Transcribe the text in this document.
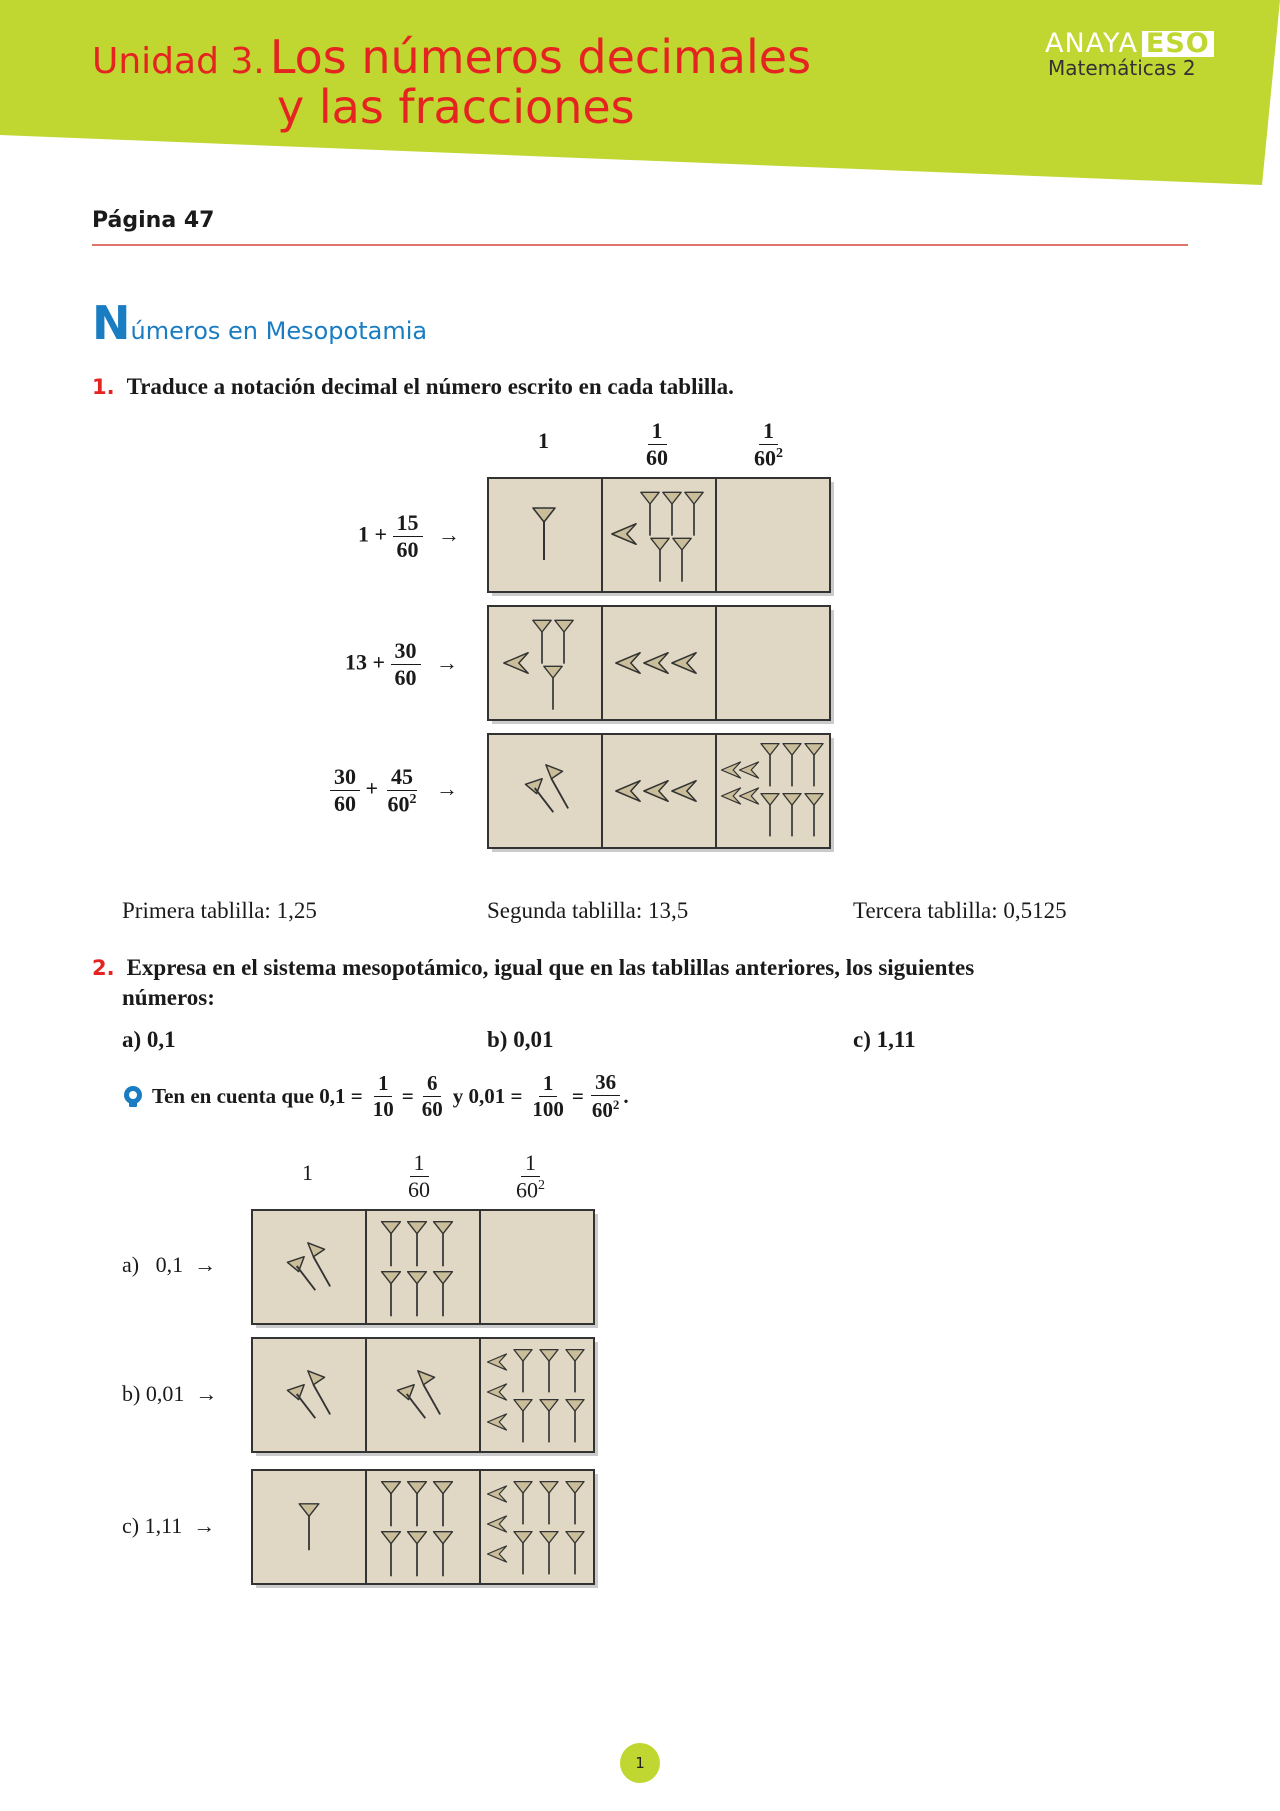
Unidad 3. Los números decimales
y las fracciones
ANAYA ESO
Matemáticas 2
Página 47
Números en Mesopotamia
1. Traduce a notación decimal el número escrito en cada tablilla.
1	$\frac{1}{60}$	$\frac{1}{60^2}$
$1 + \frac{15}{60}$ →
$13 + \frac{30}{60}$ →
$\frac{30}{60} + \frac{45}{60^2}$ →
Primera tablilla: 1,25	Segunda tablilla: 13,5	Tercera tablilla: 0,5125
2. Expresa en el sistema mesopotámico, igual que en las tablillas anteriores, los siguientes
números:
a) 0,1	b) 0,01	c) 1,11
Ten en cuenta que $0,1 = \frac{1}{10} = \frac{6}{60}$ y $0,01 = \frac{1}{100} = \frac{36}{60^2}$ .
1	$\frac{1}{60}$	$\frac{1}{60^2}$
a)   0,1  →
b) 0,01  →
c) 1,11  →
1
